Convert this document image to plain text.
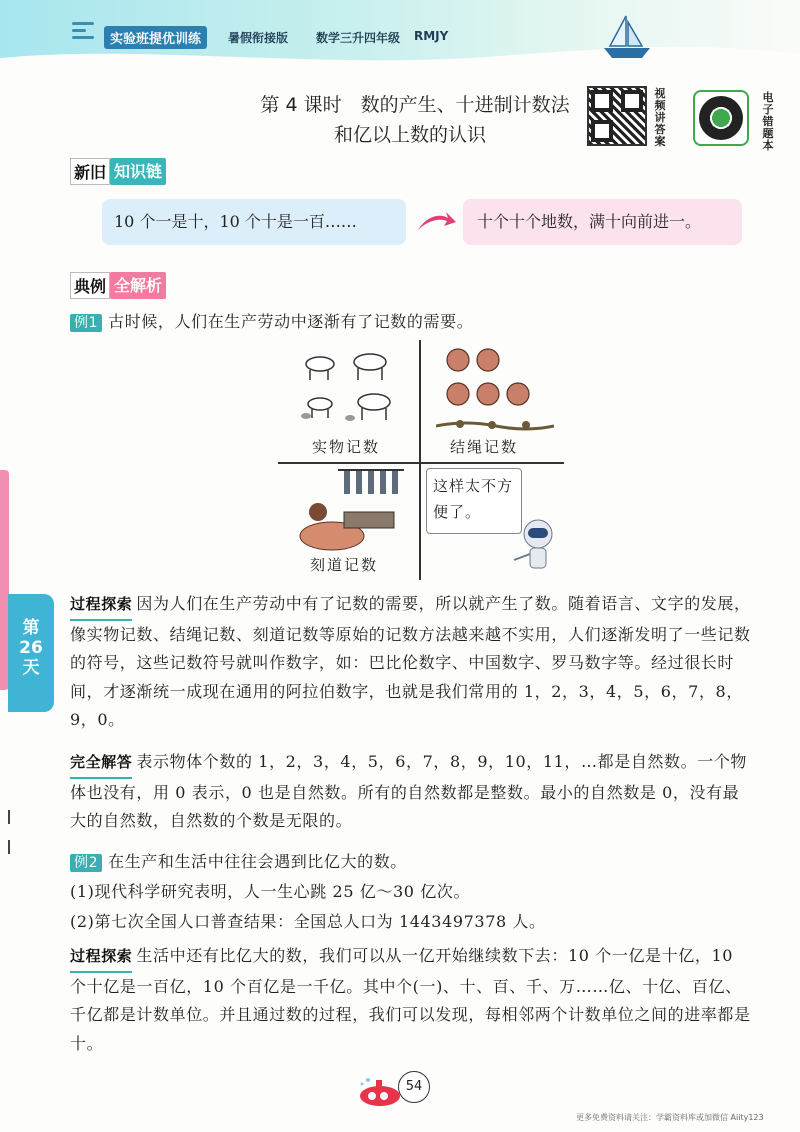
实验班提优训练	暑假衔接版 数学三升四年级 RMJY
第 4 课时　数的产生、十进制计数法
和亿以上数的认识
视频讲答案
电子错题本
新旧 知识链
10 个一是十，10 个十是一百……	十个十个地数，满十向前进一。
典例 全解析
例1 古时候，人们在生产劳动中逐渐有了记数的需要。
实物记数	结绳记数
刻道记数
这样太不方便了。
过程探索 因为人们在生产劳动中有了记数的需要，所以就产生了数。随着语言、文字的发展，像实物记数、结绳记数、刻道记数等原始的记数方法越来越不实用，人们逐渐发明了一些记数的符号，这些记数符号就叫作数字，如：巴比伦数字、中国数字、罗马数字等。经过很长时间，才逐渐统一成现在通用的阿拉伯数字，也就是我们常用的 1，2，3，4，5，6，7，8，9，0。
完全解答 表示物体个数的 1，2，3，4，5，6，7，8，9，10，11，…都是自然数。一个物体也没有，用 0 表示，0 也是自然数。所有的自然数都是整数。最小的自然数是 0，没有最大的自然数，自然数的个数是无限的。
例2 在生产和生活中往往会遇到比亿大的数。
(1)现代科学研究表明，人一生心跳 25 亿～30 亿次。
(2)第七次全国人口普查结果：全国总人口为 1443497378 人。
过程探索 生活中还有比亿大的数，我们可以从一亿开始继续数下去：10 个一亿是十亿，10 个十亿是一百亿，10 个百亿是一千亿。其中个(一)、十、百、千、万……亿、十亿、百亿、千亿都是计数单位。并且通过数的过程，我们可以发现，每相邻两个计数单位之间的进率都是十。
第
26
天
54
更多免费资料请关注：学霸资料库或加微信 Aiity123
